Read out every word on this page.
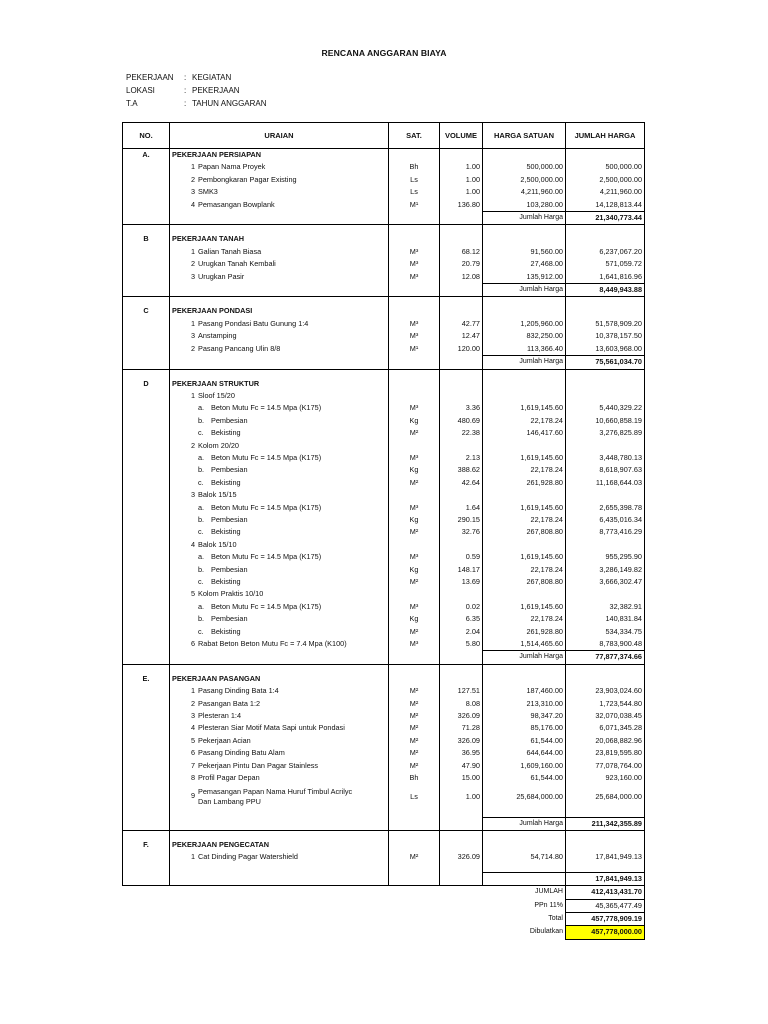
RENCANA ANGGARAN BIAYA
PEKERJAAN : KEGIATAN
LOKASI	: PEKERJAAN
T.A	: TAHUN ANGGARAN
NO.	URAIAN	SAT.	VOLUME	HARGA SATUAN	JUMLAH HARGA
A.	PEKERJAAN PERSIAPAN				
	1 Papan Nama Proyek	Bh	1.00	500,000.00	500,000.00
	2 Pembongkaran Pagar Existing	Ls	1.00	2,500,000.00	2,500,000.00
	3 SMK3	Ls	1.00	4,211,960.00	4,211,960.00
	4 Pemasangan Bowplank	M¹	136.80	103,280.00	14,128,813.44
				Jumlah Harga	21,340,773.44

B	PEKERJAAN TANAH				
	1 Galian Tanah Biasa	M³	68.12	91,560.00	6,237,067.20
	2 Urugkan Tanah Kembali	M³	20.79	27,468.00	571,059.72
	3 Urugkan Pasir	M³	12.08	135,912.00	1,641,816.96
				Jumlah Harga	8,449,943.88

C	PEKERJAAN PONDASI				
	1 Pasang Pondasi Batu Gunung 1:4	M³	42.77	1,205,960.00	51,578,909.20
	3 Anstamping	M³	12.47	832,250.00	10,378,157.50
	2 Pasang Pancang Ulin 8/8	M¹	120.00	113,366.40	13,603,968.00
				Jumlah Harga	75,561,034.70

D	PEKERJAAN STRUKTUR				
	1 Sloof 15/20				
	a. Beton Mutu Fc = 14.5 Mpa (K175)	M³	3.36	1,619,145.60	5,440,329.22
	b. Pembesian	Kg	480.69	22,178.24	10,660,858.19
	c. Bekisting	M²	22.38	146,417.60	3,276,825.89
	2 Kolom 20/20				
	a. Beton Mutu Fc = 14.5 Mpa (K175)	M³	2.13	1,619,145.60	3,448,780.13
	b. Pembesian	Kg	388.62	22,178.24	8,618,907.63
	c. Bekisting	M²	42.64	261,928.80	11,168,644.03
	3 Balok 15/15				
	a. Beton Mutu Fc = 14.5 Mpa (K175)	M³	1.64	1,619,145.60	2,655,398.78
	b. Pembesian	Kg	290.15	22,178.24	6,435,016.34
	c. Bekisting	M²	32.76	267,808.80	8,773,416.29
	4 Balok 15/10				
	a. Beton Mutu Fc = 14.5 Mpa (K175)	M³	0.59	1,619,145.60	955,295.90
	b. Pembesian	Kg	148.17	22,178.24	3,286,149.82
	c. Bekisting	M²	13.69	267,808.80	3,666,302.47
	5 Kolom Praktis 10/10				
	a. Beton Mutu Fc = 14.5 Mpa (K175)	M³	0.02	1,619,145.60	32,382.91
	b. Pembesian	Kg	6.35	22,178.24	140,831.84
	c. Bekisting	M²	2.04	261,928.80	534,334.75
	6 Rabat Beton Beton Mutu Fc = 7.4 Mpa (K100)	M³	5.80	1,514,465.60	8,783,900.48
				Jumlah Harga	77,877,374.66

E.	PEKERJAAN PASANGAN				
	1 Pasang Dinding Bata 1:4	M²	127.51	187,460.00	23,903,024.60
	2 Pasangan Bata 1:2	M²	8.08	213,310.00	1,723,544.80
	3 Plesteran 1:4	M²	326.09	98,347.20	32,070,038.45
	4 Plesteran Siar Motif Mata Sapi untuk Pondasi	M²	71.28	85,176.00	6,071,345.28
	5 Pekerjaan Acian	M²	326.09	61,544.00	20,068,882.96
	6 Pasang Dinding Batu Alam	M²	36.95	644,644.00	23,819,595.80
	7 Pekerjaan Pintu Dan Pagar Stainless	M²	47.90	1,609,160.00	77,078,764.00
	8 Profil Pagar Depan	Bh	15.00	61,544.00	923,160.00
	9Pemasangan Papan Nama Huruf Timbul Acrilyc
Dan Lambang PPU	Ls	1.00	25,684,000.00	25,684,000.00

				Jumlah Harga	211,342,355.89

F.	PEKERJAAN PENGECATAN				
	1 Cat Dinding Pagar Watershield	M²	326.09	54,714.80	17,841,949.13

					17,841,949.13
				JUMLAH	412,413,431.70
				PPn 11%	45,365,477.49
				Total	457,778,909.19
				Dibulatkan	457,778,000.00
